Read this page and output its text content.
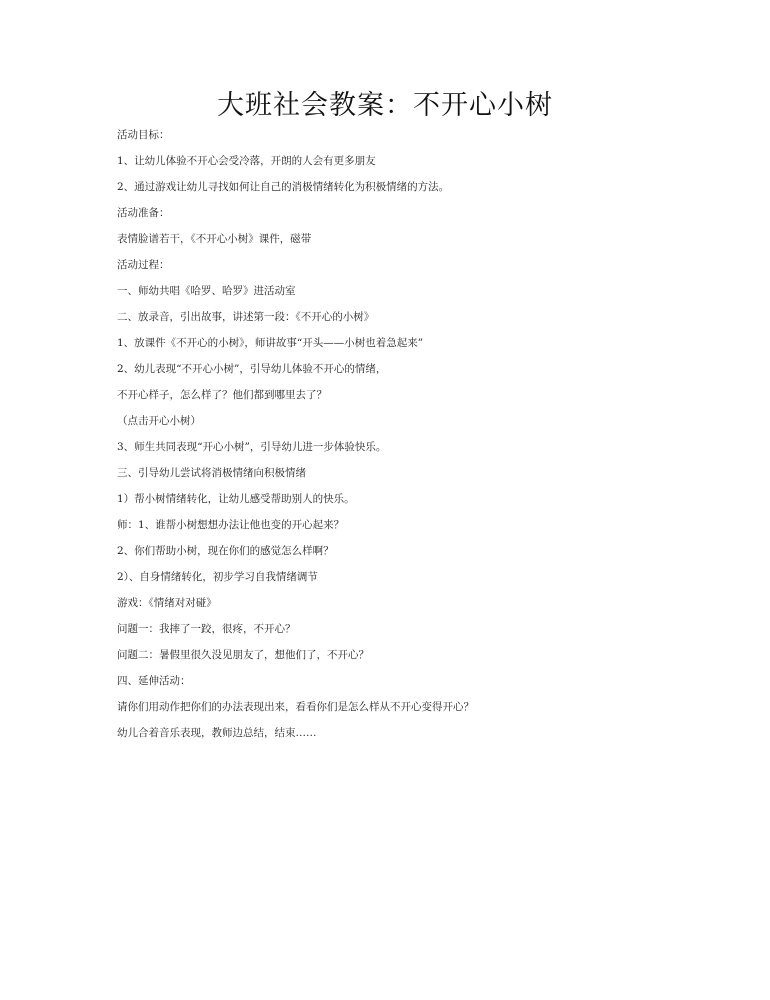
大班社会教案：不开心小树
活动目标：
1、让幼儿体验不开心会受冷落，开朗的人会有更多朋友
2、通过游戏让幼儿寻找如何让自己的消极情绪转化为积极情绪的方法。
活动准备：
表情脸谱若干，《不开心小树》课件，磁带
活动过程：
一、师幼共唱《哈罗、哈罗》进活动室
二、放录音，引出故事，讲述第一段：《不开心的小树》
1、放课件《不开心的小树》，师讲故事“开头——小树也着急起来”
2、幼儿表现“不开心小树”，引导幼儿体验不开心的情绪，
不开心样子，怎么样了？他们都到哪里去了？
（点击开心小树）
3、师生共同表现“开心小树”，引导幼儿进一步体验快乐。
三、引导幼儿尝试将消极情绪向积极情绪
1）帮小树情绪转化，让幼儿感受帮助别人的快乐。
师：1、谁帮小树想想办法让他也变的开心起来？
2、你们帮助小树，现在你们的感觉怎么样啊？
2）、自身情绪转化，初步学习自我情绪调节
游戏：《情绪对对碰》
问题一：我摔了一跤，很疼，不开心？
问题二：暑假里很久没见朋友了，想他们了，不开心？
四、延伸活动：
请你们用动作把你们的办法表现出来，看看你们是怎么样从不开心变得开心？
幼儿合着音乐表现，教师边总结，结束……
